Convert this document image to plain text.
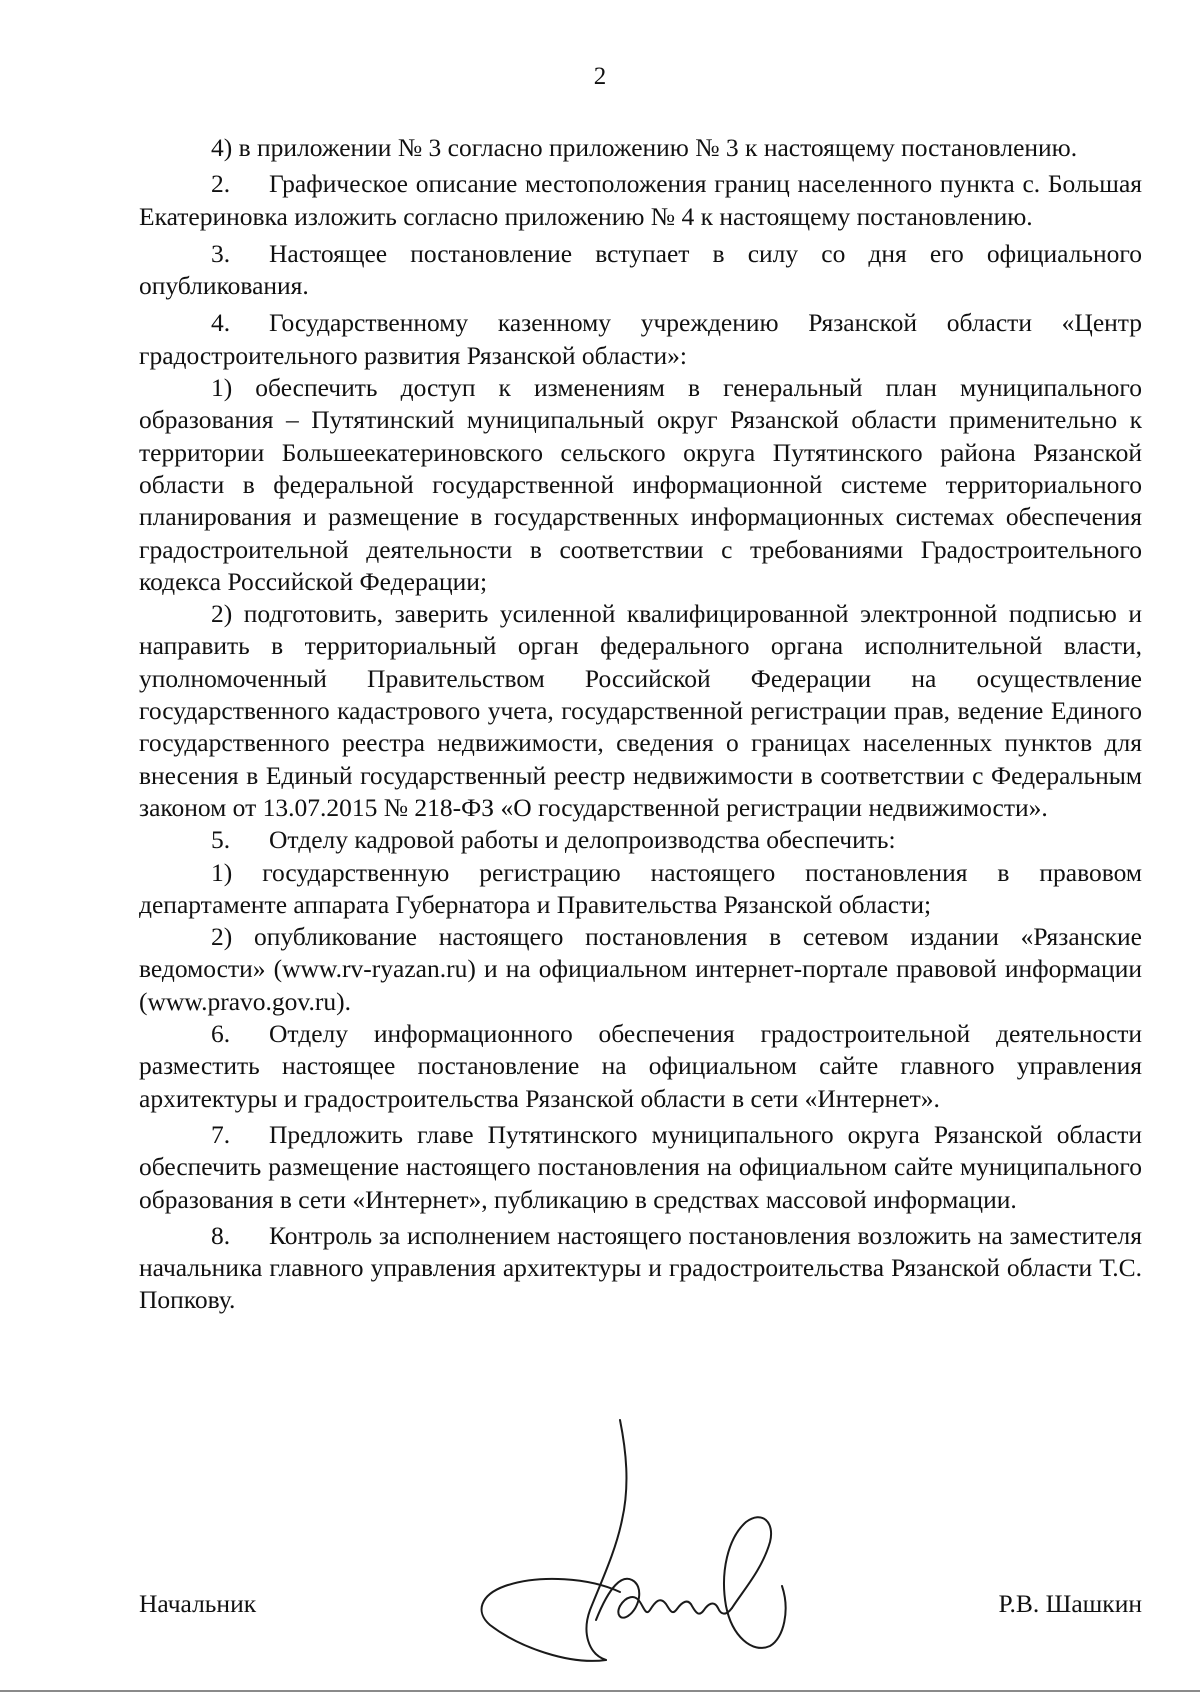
2

4) в приложении № 3 согласно приложению № 3 к настоящему постановлению.

2. Графическое описание местоположения границ населенного пункта с. Большая Екатериновка изложить согласно приложению № 4 к настоящему постановлению.

3. Настоящее постановление вступает в силу со дня его официального опубликования.

4. Государственному казенному учреждению Рязанской области «Центр градостроительного развития Рязанской области»:

1) обеспечить доступ к изменениям в генеральный план муниципального образования – Путятинский муниципальный округ Рязанской области применительно к территории Большеекатериновского сельского округа Путятинского района Рязанской области в федеральной государственной информационной системе территориального планирования и размещение в государственных информационных системах обеспечения градостроительной деятельности в соответствии с требованиями Градостроительного кодекса Российской Федерации;

2) подготовить, заверить усиленной квалифицированной электронной подписью и направить в территориальный орган федерального органа исполнительной власти, уполномоченный Правительством Российской Федерации на осуществление государственного кадастрового учета, государственной регистрации прав, ведение Единого государственного реестра недвижимости, сведения о границах населенных пунктов для внесения в Единый государственный реестр недвижимости в соответствии с Федеральным законом от 13.07.2015 № 218-ФЗ «О государственной регистрации недвижимости».

5. Отделу кадровой работы и делопроизводства обеспечить:

1) государственную регистрацию настоящего постановления в правовом департаменте аппарата Губернатора и Правительства Рязанской области;

2) опубликование настоящего постановления в сетевом издании «Рязанские ведомости» (www.rv-ryazan.ru) и на официальном интернет-портале правовой информации (www.pravo.gov.ru).

6. Отделу информационного обеспечения градостроительной деятельности разместить настоящее постановление на официальном сайте главного управления архитектуры и градостроительства Рязанской области в сети «Интернет».

7. Предложить главе Путятинского муниципального округа Рязанской области обеспечить размещение настоящего постановления на официальном сайте муниципального образования в сети «Интернет», публикацию в средствах массовой информации.

8. Контроль за исполнением настоящего постановления возложить на заместителя начальника главного управления архитектуры и градостроительства Рязанской области Т.С. Попкову.

Начальник	Р.В. Шашкин
